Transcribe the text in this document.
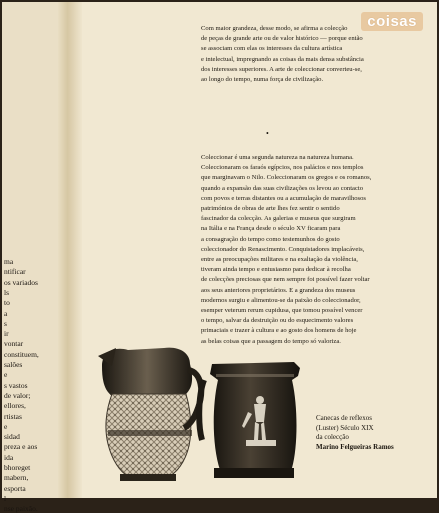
ma
ntificar
os variados
ls
to
a
s
ir
vontar
constituem,
salões
e
s vastos
de valor;
ellores,
rtistas
e
sidad
preza e aos
ida
bhoreget
mabern,
esporta
l
nse paixão.
coisas
Com maior grandeza, desse modo, se afirma a colecção
de peças de grande arte ou de valor histórico — porque então
se associam com elas os interesses da cultura artística
e intelectual, impregnando as coisas da mais densa substância
dos interesses superiores. A arte de coleccionar converteu-se,
ao longo do tempo, numa força de civilização.
•
Coleccionar é uma segunda natureza na natureza humana.
Coleccionaram os faraós egípcios, nos palácios e nos templos
que marginavam o Nilo. Coleccionaram os gregos e os romanos,
quando a expansão das suas civilizações os levou ao contacto
com povos e terras distantes ou a acumulação de maravilhosos
patrimónios de obras de arte lhes fez sentir o sentido
fascinador da colecção. As galerias e museus que surgiram
na Itália e na França desde o século XV ficaram para
a consagração do tempo como testemunhos do gosto
coleccionador do Renascimento. Conquistadores implacáveis,
entre as preocupações militares e na exaltação da violência,
tiveram ainda tempo e entusiasmo para dedicar à recolha
de colecções preciosas que nem sempre foi possível fazer voltar
aos seus anteriores proprietários. E a grandeza dos museus
modernos surgiu e alimentou-se da paixão do coleccionador,
esemper veterum rerum cupidusa, que tomou possível vencer
o tempo, salvar da destruição ou do esquecimento valores
primaciais e trazer à cultura e ao gosto dos homens de hoje
as belas coisas que a passagem do tempo só valoriza.
Canecas de reflexos
(Luster) Século XIX
da colecção
Marino Felgueiras Ramos
